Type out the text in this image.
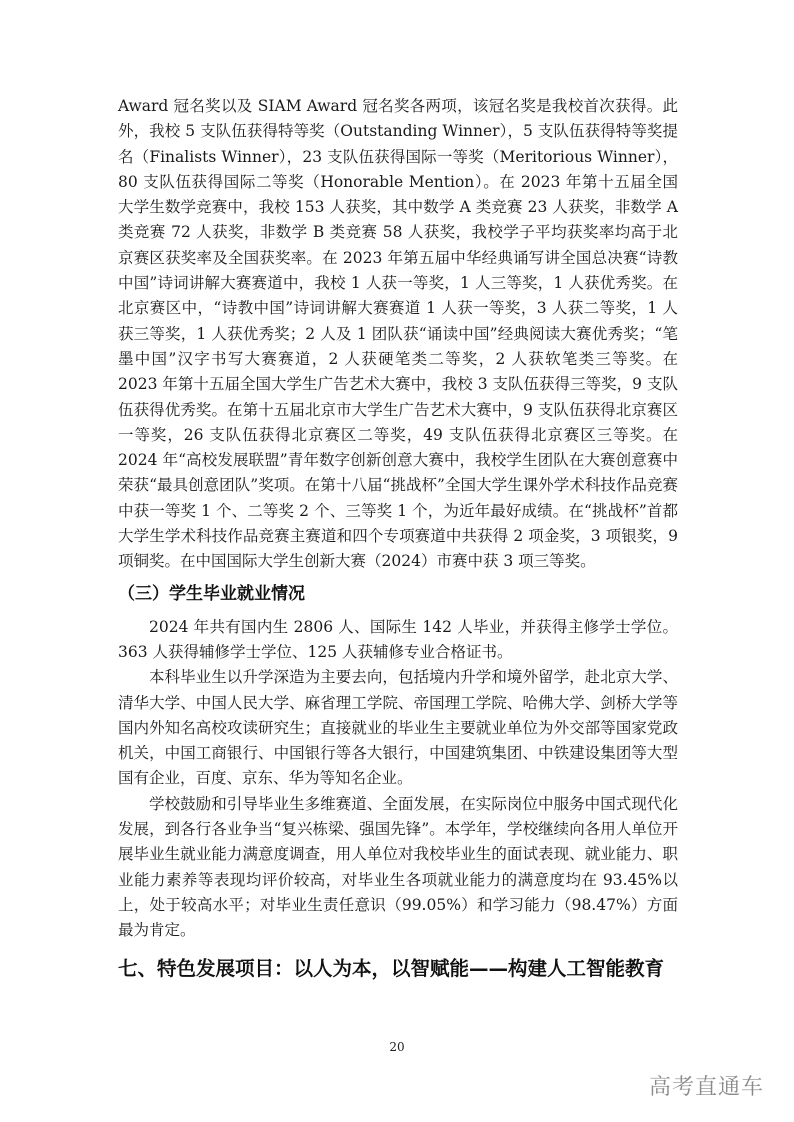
Award 冠名奖以及 SIAM Award 冠名奖各两项，该冠名奖是我校首次获得。此外，我校 5 支队伍获得特等奖（Outstanding Winner），5 支队伍获得特等奖提名（Finalists Winner），23 支队伍获得国际一等奖（Meritorious Winner），80 支队伍获得国际二等奖（Honorable Mention）。在 2023 年第十五届全国大学生数学竞赛中，我校 153 人获奖，其中数学 A 类竞赛 23 人获奖，非数学 A 类竞赛 72 人获奖，非数学 B 类竞赛 58 人获奖，我校学子平均获奖率均高于北京赛区获奖率及全国获奖率。在 2023 年第五届中华经典诵写讲全国总决赛“诗教中国”诗词讲解大赛赛道中，我校 1 人获一等奖，1 人三等奖，1 人获优秀奖。在北京赛区中，“诗教中国”诗词讲解大赛赛道 1 人获一等奖，3 人获二等奖，1 人获三等奖，1 人获优秀奖；2 人及 1 团队获“诵读中国”经典阅读大赛优秀奖；“笔墨中国”汉字书写大赛赛道，2 人获硬笔类二等奖，2 人获软笔类三等奖。在 2023 年第十五届全国大学生广告艺术大赛中，我校 3 支队伍获得三等奖，9 支队伍获得优秀奖。在第十五届北京市大学生广告艺术大赛中，9 支队伍获得北京赛区一等奖，26 支队伍获得北京赛区二等奖，49 支队伍获得北京赛区三等奖。在 2024 年“高校发展联盟”青年数字创新创意大赛中，我校学生团队在大赛创意赛中荣获“最具创意团队”奖项。在第十八届“挑战杯”全国大学生课外学术科技作品竞赛中获一等奖 1 个、二等奖 2 个、三等奖 1 个，为近年最好成绩。在“挑战杯”首都大学生学术科技作品竞赛主赛道和四个专项赛道中共获得 2 项金奖，3 项银奖，9 项铜奖。在中国国际大学生创新大赛（2024）市赛中获 3 项三等奖。

（三）学生毕业就业情况

2024 年共有国内生 2806 人、国际生 142 人毕业，并获得主修学士学位。363 人获得辅修学士学位、125 人获辅修专业合格证书。

本科毕业生以升学深造为主要去向，包括境内升学和境外留学，赴北京大学、清华大学、中国人民大学、麻省理工学院、帝国理工学院、哈佛大学、剑桥大学等国内外知名高校攻读研究生；直接就业的毕业生主要就业单位为外交部等国家党政机关，中国工商银行、中国银行等各大银行，中国建筑集团、中铁建设集团等大型国有企业，百度、京东、华为等知名企业。

学校鼓励和引导毕业生多维赛道、全面发展，在实际岗位中服务中国式现代化发展，到各行各业争当“复兴栋梁、强国先锋”。本学年，学校继续向各用人单位开展毕业生就业能力满意度调查，用人单位对我校毕业生的面试表现、就业能力、职业能力素养等表现均评价较高，对毕业生各项就业能力的满意度均在 93.45%以上，处于较高水平；对毕业生责任意识（99.05%）和学习能力（98.47%）方面最为肯定。

七、特色发展项目：以人为本，以智赋能——构建人工智能教育
20
高考直通车
